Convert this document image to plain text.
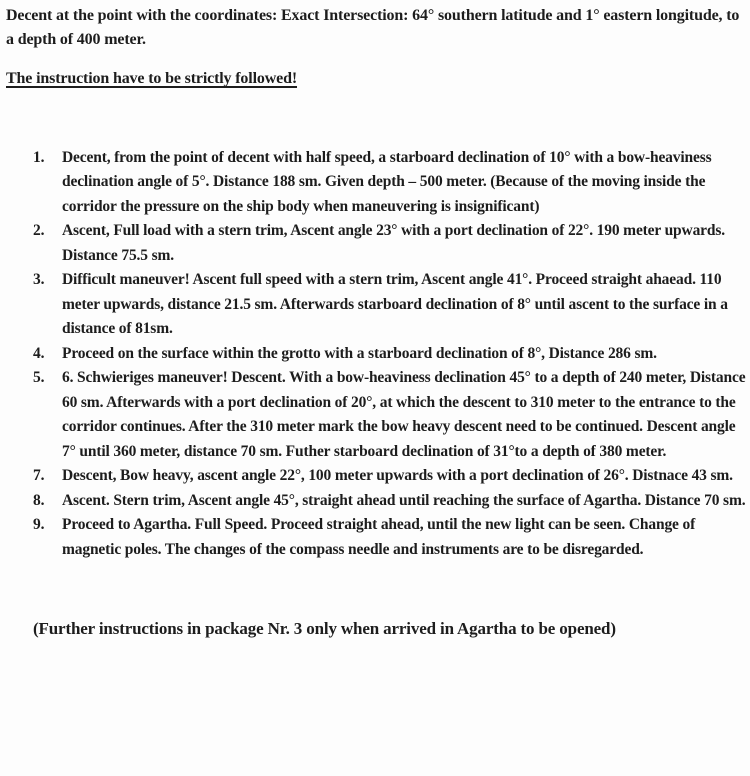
Decent at the point with the coordinates: Exact Intersection: 64° southern latitude and 1° eastern longitude, to a depth of 400 meter.

The instruction have to be strictly followed!

1. Decent, from the point of decent with half speed, a starboard declination of 10° with a bow-heaviness declination angle of 5°. Distance 188 sm. Given depth – 500 meter. (Because of the moving inside the corridor the pressure on the ship body when maneuvering is insignificant)
2. Ascent, Full load with a stern trim, Ascent angle 23° with a port declination of 22°. 190 meter upwards. Distance 75.5 sm.
3. Difficult maneuver! Ascent full speed with a stern trim, Ascent angle 41°. Proceed straight ahaead. 110 meter upwards, distance 21.5 sm. Afterwards starboard declination of 8° until ascent to the surface in a distance of 81sm.
4. Proceed on the surface within the grotto with a starboard declination of 8°, Distance 286 sm.
5. 6. Schwieriges maneuver! Descent. With a bow-heaviness declination 45° to a depth of 240 meter, Distance 60 sm. Afterwards with a port declination of 20°, at which the descent to 310 meter to the entrance to the corridor continues. After the 310 meter mark the bow heavy descent need to be continued. Descent angle 7° until 360 meter, distance 70 sm. Futher starboard declination of 31°to a depth of 380 meter.
7. Descent, Bow heavy, ascent angle 22°, 100 meter upwards with a port declination of 26°. Distnace 43 sm.
8. Ascent. Stern trim, Ascent angle 45°, straight ahead until reaching the surface of Agartha. Distance 70 sm.
9. Proceed to Agartha. Full Speed. Proceed straight ahead, until the new light can be seen. Change of magnetic poles. The changes of the compass needle and instruments are to be disregarded.

(Further instructions in package Nr. 3 only when arrived in Agartha to be opened)
